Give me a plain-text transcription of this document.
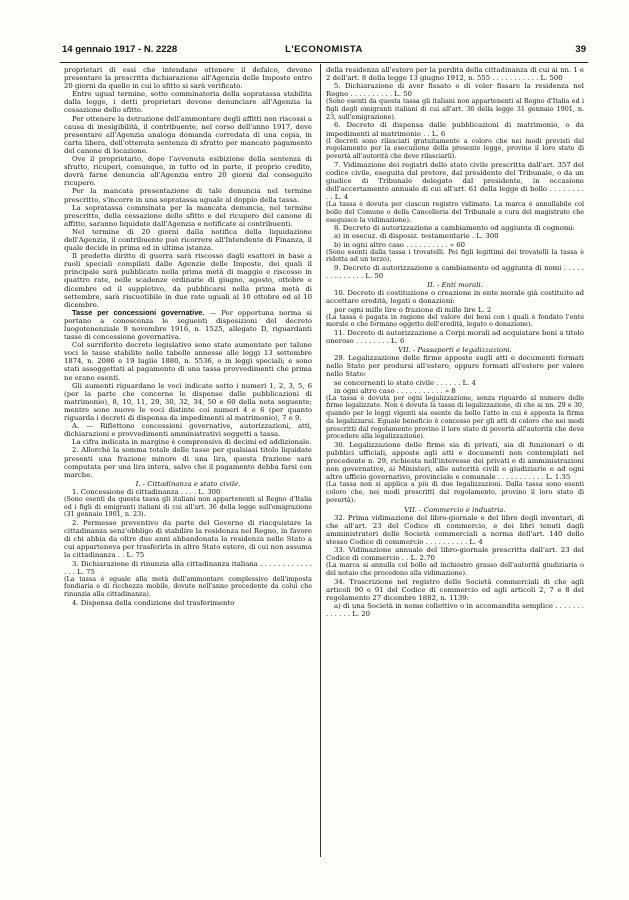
14 gennaio 1917 - N. 2228	L'ECONOMISTA	39

proprietari di essi che intendano ottenere il defalco, devono presentare la prescritta dichiarazione all'Agenzia delle Imposte entro 20 giorni da quello in cui lo sfitto si sarà verificato.

Entro ugual termine, sotto comminatoria della sopratassa stabilita dalla legge, i detti proprietari devono denunciare all'Agenzia la cessazione dello sfitto.

Per ottenere la detrazione dell'ammontare degli affitti non riscossi a causa di inesigibilità, il contribuente, nel corso dell'anno 1917, deve presentare all'Agenzia analoga domanda corredata di una copia, in carta libera, dell'ottenuta sentenza di sfratto per mancato pagamento del canone di locazione.

Ove il proprietario, dopo l'avvenuta esibizione della sentenza di sfratto, ricuperi, comunque, in tutto od in parte, il proprio credito, dovrà farne denuncia all'Agenzia entro 20 giorni dal conseguito ricupero.

Per la mancata presentazione di tale denuncia nel termine prescritto, s'incorre in una sopratassa uguale al doppio della tassa.

La sopratassa comminata per la mancata denuncia, nel termine prescritto, della cessazione dello sfitto e del ricupero del canone di affitto, saranno liquidate dall'Agenzia e notificate ai contribuenti.

Nel termine di 20 giorni dalla notifica della liquidazione dell'Agenzia, il contribuente può ricorrere all'Intendente di Finanza, il quale decide in prima ed in ultima istanza.

Il predetto diritto di guerra sarà riscosso dagli esattori in base a ruoli speciali compilati dalle Agenzie delle Imposte, dei quali il principale sarà pubblicato nella prima metà di maggio e riscosso in quattro rate, nelle scadenze ordinarie di giugno, agosto, ottobre e dicembre ed il suppletivo, da pubblicarsi nella prima metà di settembre, sarà riscuotibile in due rate uguali al 10 ottobre ed al 10 dicembre.

Tasse per concessioni governative. — Per opportuna norma si portano a conoscenza le seguenti disposizioni del decreto luogotenenziale 9 novembre 1916, n. 1525, allegato D, riguardanti tasse di concessione governativa.

Col surriferito decreto legislativo sono state aumentate per talune voci le tasse stabilite nelle tabelle annesse alle leggi 13 settembre 1874, n. 2086 e 19 luglio 1880, n. 5536, o in leggi speciali; e sono stati assoggettati al pagamento di una tassa provvedimenti che prima ne erano esenti.

Gli aumenti riguardano le voci indicate sotto i numeri 1, 2, 3, 5, 6 (per la parte che concerne le dispense dalle pubblicazioni di matrimonio), 8, 10, 11, 29, 30, 32, 34, 50 e 60 della nota seguente; mentre sono nuove le voci distinte coi numeri 4 e 6 (per quanto riguarda i decreti di dispensa da impedimenti al matrimonio), 7 e 9.

A. — Riflettono concessioni governative, autorizzazioni, atti, dichiarazioni e provvedimenti amministrativi soggetti a tassa.

La cifra indicata in margine è comprensiva di decimi ed addizionale.

2. Allorchè la somma totale delle tasse per qualsiasi titolo liquidate presenti una frazione minore di una lira, questa frazione sarà computata per una lira intera, salvo che il pagamento debba farsi con marche.

I. - Cittadinanza e stato civile.

1. Concessione di cittadinanza . . . . L. 300

(Sono esenti da questa tassa gli italiani non appartenenti al Regno d'Italia ed i figli di emigranti italiani di cui all'art. 36 della legge sull'emigrazione (31 gennaio 1901, n. 23).

2. Permesso preventivo da parte del Governo di riacquistare la cittadinanza senz'obbligo di stabilire la residenza nel Regno, in favore di chi abbia da oltre due anni abbandonata la residenza nello Stato a cui apparteneva per trasferirla in altro Stato estero, di cui non assuma la cittadinanza . . L. 75

3. Dichiarazione di rinunzia alla cittadinanza italiana . . . . . . . . . . . . . . . L. 75

(La tassa è eguale alla metà dell'ammontare complessivo dell'imposta fondiaria e di ricchezza mobile, dovute nell'anno precedente da colui che rinunzia alla cittadinanza).

4. Dispensa della condizione del trasferimento

della residenza all'estero per la perdita della cittadinanza di cui ai nn. 1 e 2 dell'art. 8 della legge 13 giugno 1912, n. 555 . . . . . . . . . . . L. 500

5. Dichiarazione di aver fissato o di voler fissare la residenza nel Regno . . . . . . . . . . L. 50

(Sono esenti da questa tassa gli italiani non appartenenti al Regno d'Italia ed i figli degli emigranti italiani di cui all'art. 36 della legge 31 gennaio 1901, n. 23, sull'emigrazione).

6. Decreto di dispensa dalle pubblicazioni di matrimonio, o da impedimenti al matrimonio . . L. 6

(I decreti sono rilasciati gratuitamente a coloro che nei modi previsti dal regolamento per la esecuzione della presente legge, provino il loro stato di povertà all'autorità che deve rilasciarli).

7. Vidimazione dei registri dello stato civile prescritta dall'art. 357 del codice civile, eseguita dal pretore, dal presidente del Tribunale, o da un giudice di Tribunale delegato dal presidente, in occasione dell'accertamento annuale di cui all'art. 61 della legge di bollo . . . . . . . . . . L. 4

(La tassa è dovuta per ciascun registro vidimato. La marca è annullabile col bollo del Comune o della Cancelleria del Tribunale a cura del magistrato che eseguisce la vidimazione).

8. Decreto di autorizzazione a cambiamento od aggiunta di cognomi:

a) in esecuz. di disposiz. testamentarie . L. 300

b) in ogni altro caso . . . . . . . . . . » 60

(Sono esenti dalla tassa i trovatelli. Pei figli legittimi dei trovatelli la tassa è ridotta ad un terzo).

9. Decreto di autorizzazione a cambiamento od aggiunta di nomi . . . . . . . . . . . . . . L. 50

II. - Enti morali.

10. Decreto di costituzione o creazione in ente morale già costituito ad accettare eredità, legati o donazioni:

per ogni mille lire o frazione di mille lire L. 2

(La tassa è pagata in ragione del valore dei beni con i quali è fondato l'ente morale o che formano oggetto dell'eredità, legato o donazione).

11. Decreto di autorizzazione a Corpi morali ad acquistare beni a titolo oneroso . . . . . . . . L. 6

VII. - Passaporti e legalizzazioni.

29. Legalizzazione delle firme apposte sugli atti e documenti formati nello Stato per prodursi all'estero, oppure formati all'estero per valere nello Stato:

se concernenti lo stato civile . . . . . . L. 4

in ogni altro caso . . . . . . . . . . . » 8

(La tassa è dovuta per ogni legalizzazione, senza riguardo al numero delle firme legalizzate. Non è dovuta la tassa di legalizzazione, di che ai nn. 29 e 30, quando per le leggi vigenti sia esente da bollo l'atto in cui è apposta la firma da legalizzarsi. Eguale beneficio è concesso per gli atti di coloro che nei modi prescritti dal regolamento provino il loro stato di povertà all'autorità che deve procedere alla legalizzazione).

30. Legalizzazione delle firme sia di privati, sia di funzionari o di pubblici ufficiali, apposte agli atti e documenti non contemplati nel precedente n. 29, richiesta nell'interesse dei privati e di amministrazioni non governative, ai Ministeri, alle autorità civili e giudiziarie e ad ogni altro ufficio governativo, provinciale e comunale . . . . . . . . . . . L. 1.35

(La tassa non si applica a più di due legalizzazioni. Dalla tassa sono esenti coloro che, nei modi prescritti dal regolamento, provino il loro stato di povertà).

VII. - Commercio e industria.

32. Prima vidimazione del libro-giornale e del libro degli inventari, di che all'art. 23 del Codice di commercio, e dei libri tenuti dagli amministratori delle Società commerciali a norma dell'art. 140 dello stesso Codice di commercio . . . . . . . . . . L. 4

33. Vidimazione annuale del libro-giornale prescritta dall'art. 23 del Codice di commercio . . L. 2.70

(La marca si annulla col bollo ad inchiostro grasso dell'autorità giudiziaria o del notaio che procedono alla vidimazione).

34. Trascrizione nel registro delle Società commerciali di che agli articoli 90 e 91 del Codice di commercio ed agli articoli 2, 7 e 8 del regolamento 27 dicembre 1882, n. 1139:

a) di una Società in nome collettivo o in accomandita semplice . . . . . . . . . . . . . L. 20
